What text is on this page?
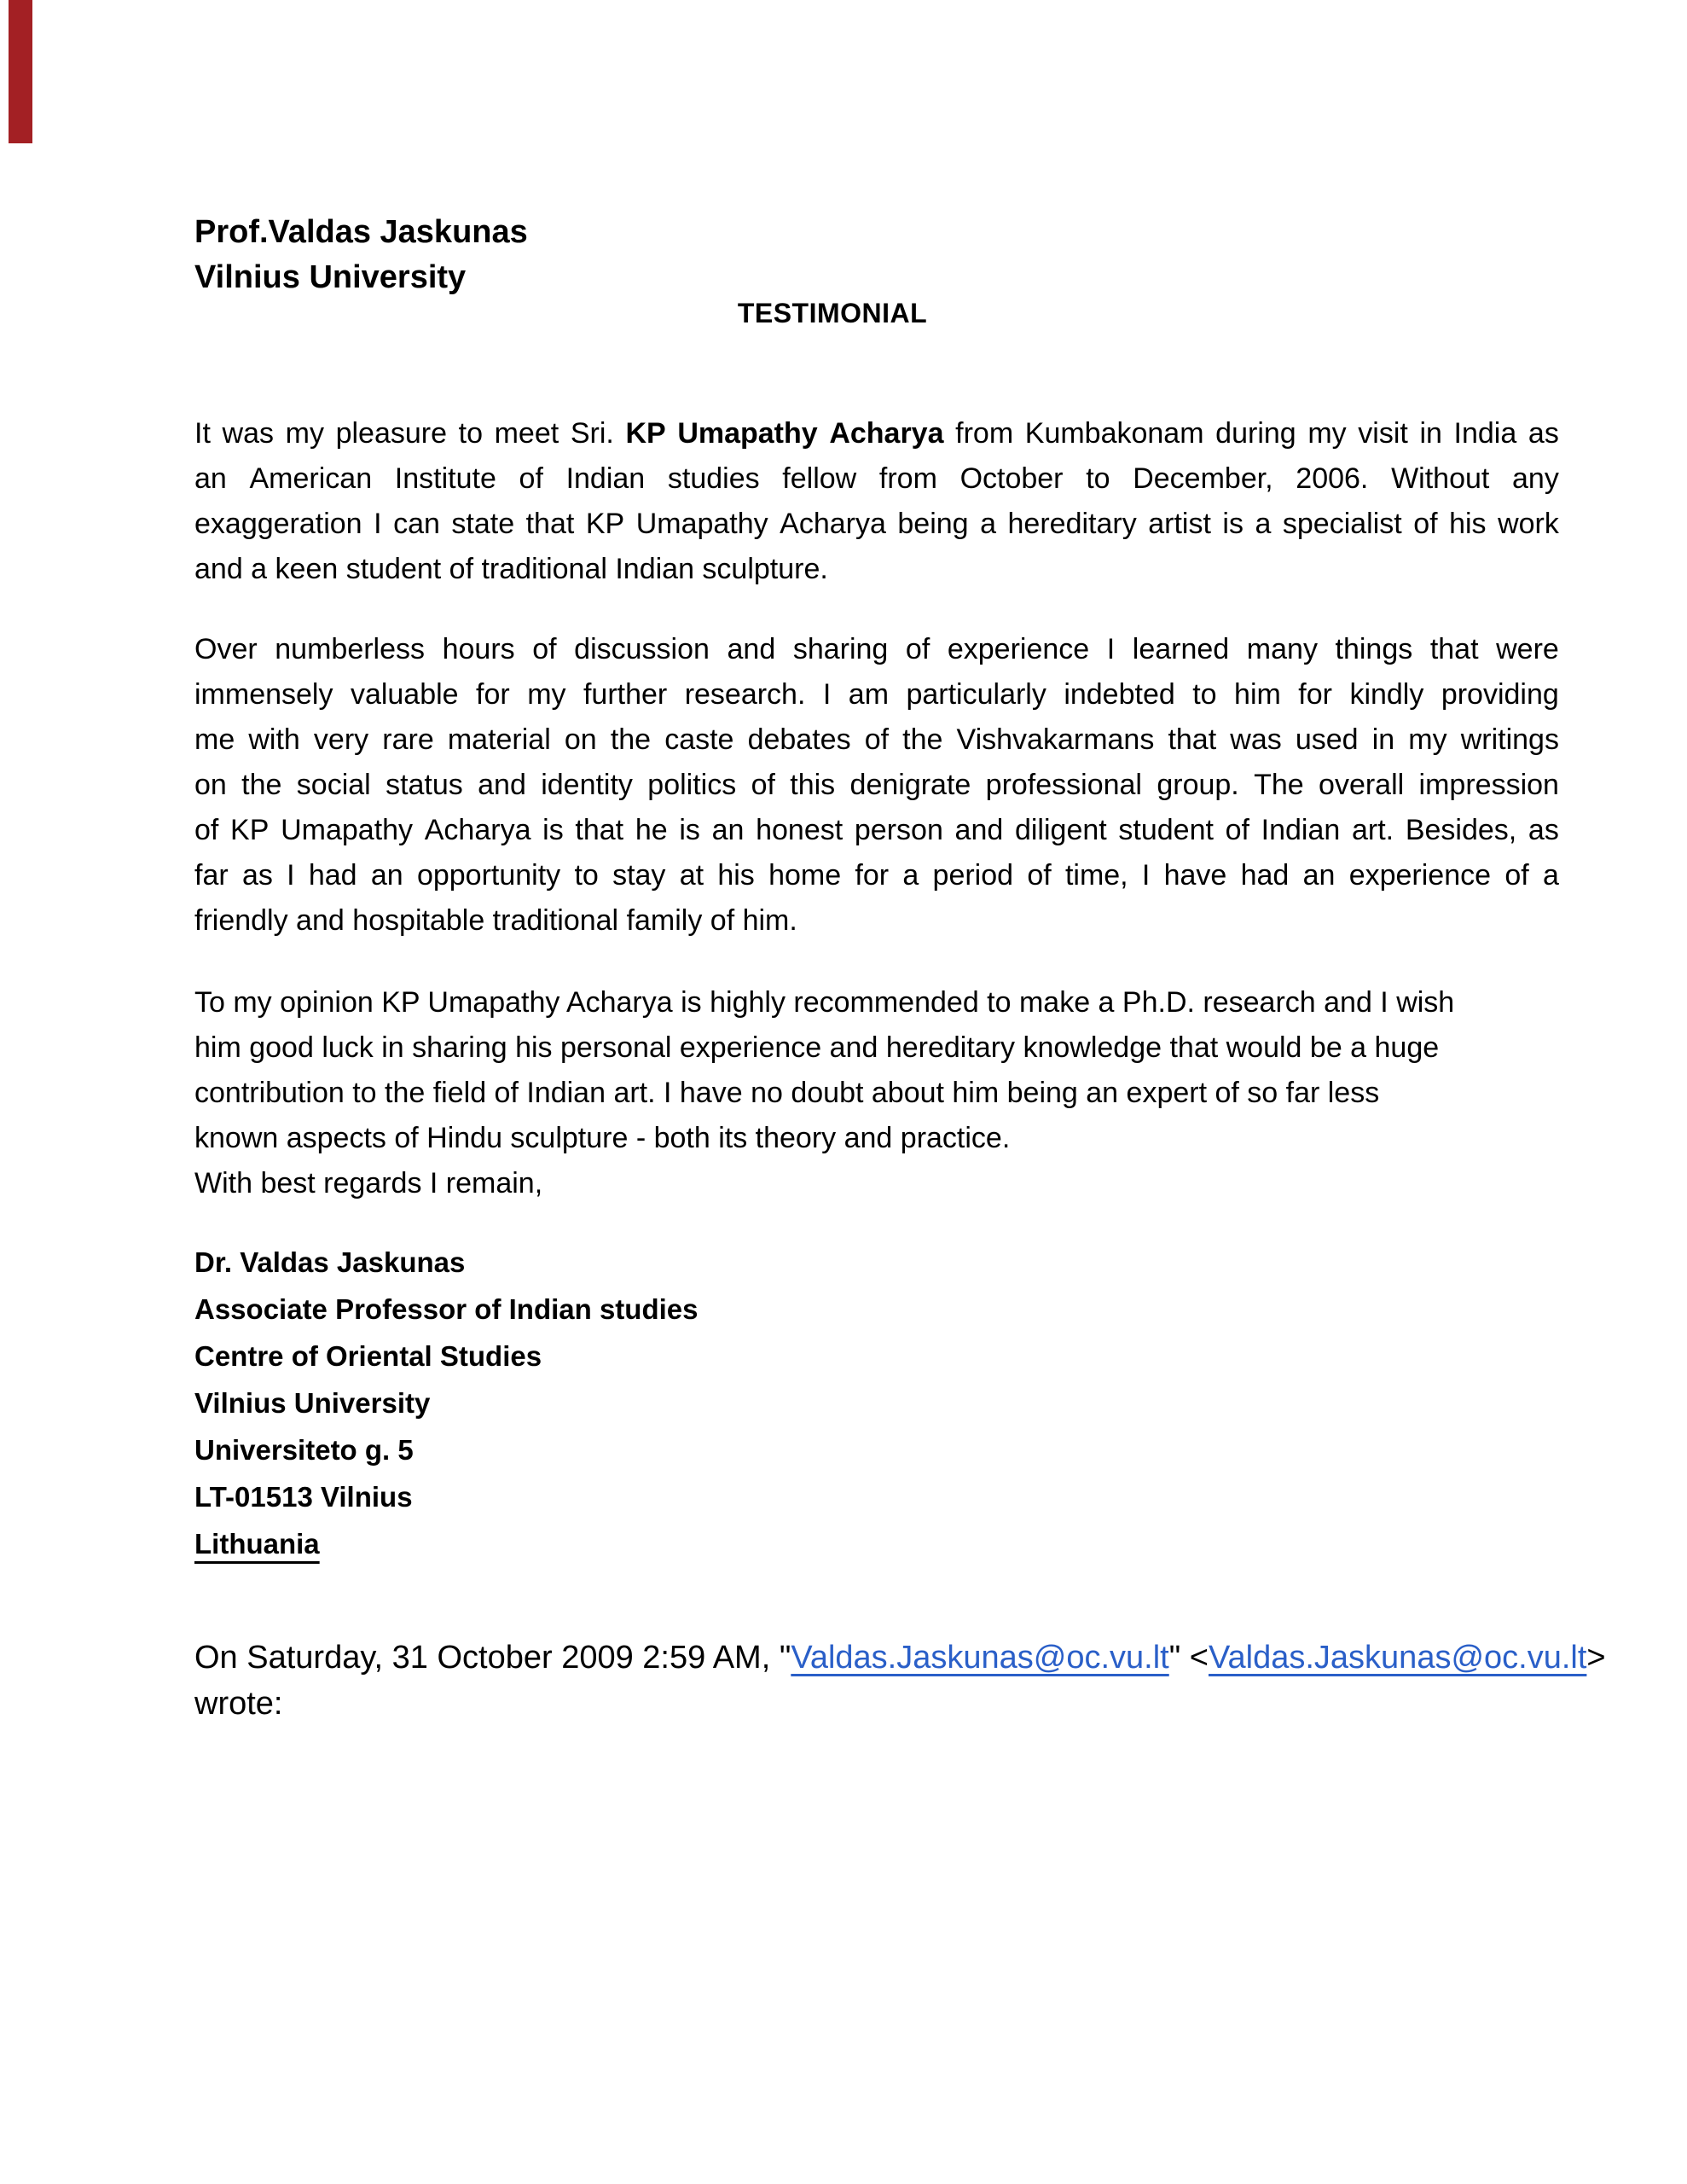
Prof.Valdas Jaskunas
Vilnius University
TESTIMONIAL
It was my pleasure to meet Sri. KP Umapathy Acharya from Kumbakonam during my visit in India as
an American Institute of Indian studies fellow from October to December, 2006. Without any
exaggeration I can state that KP Umapathy Acharya being a hereditary artist is a specialist of his work
and a keen student of traditional Indian sculpture.
Over numberless hours of discussion and sharing of experience I learned many things that were
immensely valuable for my further research. I am particularly indebted to him for kindly providing
me with very rare material on the caste debates of the Vishvakarmans that was used in my writings
on the social status and identity politics of this denigrate professional group. The overall impression
of KP Umapathy Acharya is that he is an honest person and diligent student of Indian art. Besides, as
far as I had an opportunity to stay at his home for a period of time, I have had an experience of a
friendly and hospitable traditional family of him.
To my opinion KP Umapathy Acharya is highly recommended to make a Ph.D. research and I wish
him good luck in sharing his personal experience and hereditary knowledge that would be a huge
contribution to the field of Indian art. I have no doubt about him being an expert of so far less
known aspects of Hindu sculpture - both its theory and practice.
With best regards I remain,
Dr. Valdas Jaskunas
Associate Professor of Indian studies
Centre of Oriental Studies
Vilnius University
Universiteto g. 5
LT-01513 Vilnius
Lithuania
On Saturday, 31 October 2009 2:59 AM, "Valdas.Jaskunas@oc.vu.lt" <Valdas.Jaskunas@oc.vu.lt>
wrote:
